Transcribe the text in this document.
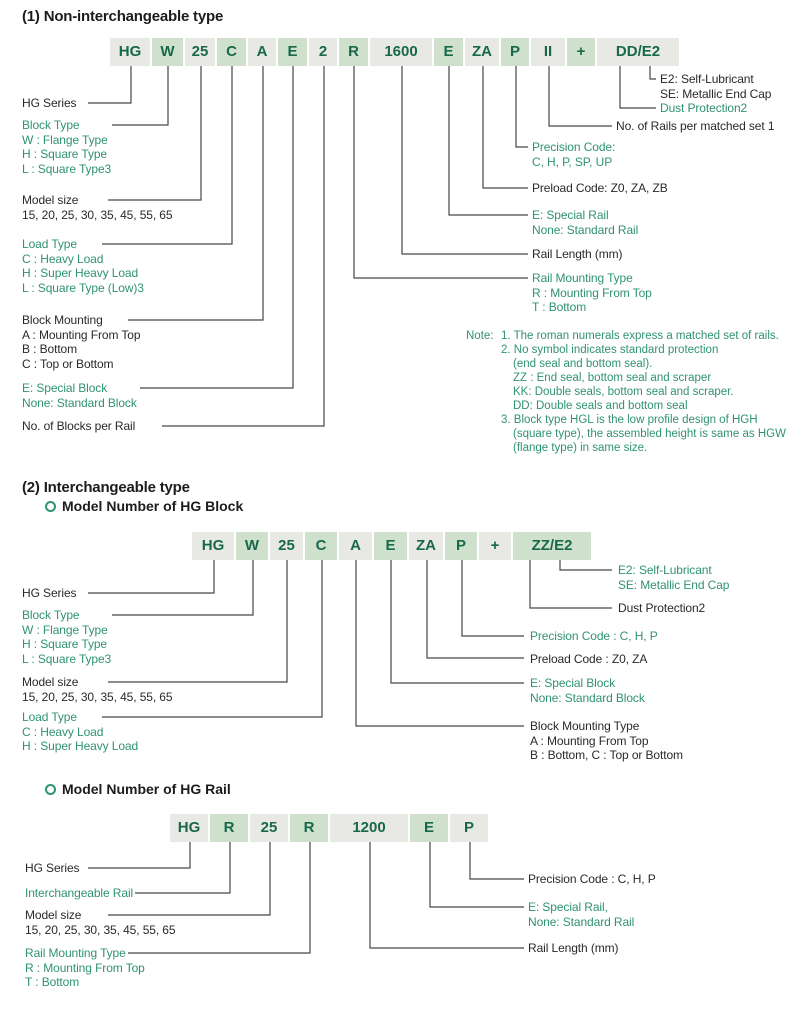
(1) Non-interchangeable type
HG	W	25	C	A	E	2	R	1600	E	ZA	P	II	+	DD/E2
HG Series
Block Type
W : Flange Type
H : Square Type
L : Square Type3
Model size
15, 20, 25, 30, 35, 45, 55, 65
Load Type
C : Heavy Load
H : Super Heavy Load
L : Square Type (Low)3
Block Mounting
A : Mounting From Top
B : Bottom
C : Top or Bottom
E: Special Block
None: Standard Block
No. of Blocks per Rail
E2: Self-Lubricant
SE: Metallic End Cap
Dust Protection2
No. of Rails per matched set 1
Precision Code:
C, H, P, SP, UP
Preload Code: Z0, ZA, ZB
E: Special Rail
None: Standard Rail
Rail Length (mm)
Rail Mounting Type
R : Mounting From Top
T : Bottom
Note: 1. The roman numerals express a matched set of rails.
2. No symbol indicates standard protection
(end seal and bottom seal).
ZZ : End seal, bottom seal and scraper
KK: Double seals, bottom seal and scraper.
DD: Double seals and bottom seal
3. Block type HGL is the low profile design of HGH
(square type), the assembled height is same as HGW
(flange type) in same size.
(2) Interchangeable type
Model Number of HG Block
HG	W	25	C	A	E	ZA	P	+	ZZ/E2
HG Series
Block Type
W : Flange Type
H : Square Type
L : Square Type3
Model size
15, 20, 25, 30, 35, 45, 55, 65
Load Type
C : Heavy Load
H : Super Heavy Load
E2: Self-Lubricant
SE: Metallic End Cap
Dust Protection2
Precision Code : C, H, P
Preload Code : Z0, ZA
E: Special Block
None: Standard Block
Block Mounting Type
A : Mounting From Top
B : Bottom, C : Top or Bottom
Model Number of HG Rail
HG	R	25	R	1200	E	P
HG Series
Interchangeable Rail
Model size
15, 20, 25, 30, 35, 45, 55, 65
Rail Mounting Type
R : Mounting From Top
T : Bottom
Precision Code : C, H, P
E: Special Rail,
None: Standard Rail
Rail Length (mm)
